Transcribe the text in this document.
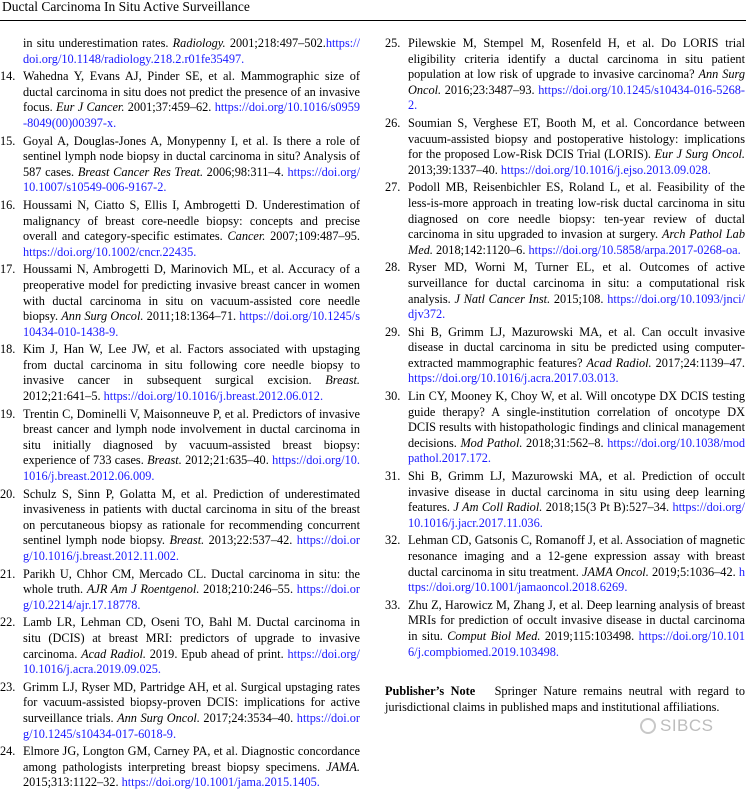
Ductal Carcinoma In Situ Active Surveillance
in situ underestimation rates. Radiology. 2001;218:497–502.https://doi.org/10.1148/radiology.218.2.r01fe35497.
14. Wahedna Y, Evans AJ, Pinder SE, et al. Mammographic size of ductal carcinoma in situ does not predict the presence of an invasive focus. Eur J Cancer. 2001;37:459–62. https://doi.org/10.1016/s0959-8049(00)00397-x.
15. Goyal A, Douglas-Jones A, Monypenny I, et al. Is there a role of sentinel lymph node biopsy in ductal carcinoma in situ? Analysis of 587 cases. Breast Cancer Res Treat. 2006;98:311–4. https://doi.org/10.1007/s10549-006-9167-2.
16. Houssami N, Ciatto S, Ellis I, Ambrogetti D. Underestimation of malignancy of breast core-needle biopsy: concepts and precise overall and category-specific estimates. Cancer. 2007;109:487–95. https://doi.org/10.1002/cncr.22435.
17. Houssami N, Ambrogetti D, Marinovich ML, et al. Accuracy of a preoperative model for predicting invasive breast cancer in women with ductal carcinoma in situ on vacuum-assisted core needle biopsy. Ann Surg Oncol. 2011;18:1364–71. https://doi.org/10.1245/s10434-010-1438-9.
18. Kim J, Han W, Lee JW, et al. Factors associated with upstaging from ductal carcinoma in situ following core needle biopsy to invasive cancer in subsequent surgical excision. Breast. 2012;21:641–5. https://doi.org/10.1016/j.breast.2012.06.012.
19. Trentin C, Dominelli V, Maisonneuve P, et al. Predictors of invasive breast cancer and lymph node involvement in ductal carcinoma in situ initially diagnosed by vacuum-assisted breast biopsy: experience of 733 cases. Breast. 2012;21:635–40. https://doi.org/10.1016/j.breast.2012.06.009.
20. Schulz S, Sinn P, Golatta M, et al. Prediction of underestimated invasiveness in patients with ductal carcinoma in situ of the breast on percutaneous biopsy as rationale for recommending concurrent sentinel lymph node biopsy. Breast. 2013;22:537–42. https://doi.org/10.1016/j.breast.2012.11.002.
21. Parikh U, Chhor CM, Mercado CL. Ductal carcinoma in situ: the whole truth. AJR Am J Roentgenol. 2018;210:246–55. https://doi.org/10.2214/ajr.17.18778.
22. Lamb LR, Lehman CD, Oseni TO, Bahl M. Ductal carcinoma in situ (DCIS) at breast MRI: predictors of upgrade to invasive carcinoma. Acad Radiol. 2019. Epub ahead of print. https://doi.org/10.1016/j.acra.2019.09.025.
23. Grimm LJ, Ryser MD, Partridge AH, et al. Surgical upstaging rates for vacuum-assisted biopsy-proven DCIS: implications for active surveillance trials. Ann Surg Oncol. 2017;24:3534–40. https://doi.org/10.1245/s10434-017-6018-9.
24. Elmore JG, Longton GM, Carney PA, et al. Diagnostic concordance among pathologists interpreting breast biopsy specimens. JAMA. 2015;313:1122–32. https://doi.org/10.1001/jama.2015.1405.
25. Pilewskie M, Stempel M, Rosenfeld H, et al. Do LORIS trial eligibility criteria identify a ductal carcinoma in situ patient population at low risk of upgrade to invasive carcinoma? Ann Surg Oncol. 2016;23:3487–93. https://doi.org/10.1245/s10434-016-5268-2.
26. Soumian S, Verghese ET, Booth M, et al. Concordance between vacuum-assisted biopsy and postoperative histology: implications for the proposed Low-Risk DCIS Trial (LORIS). Eur J Surg Oncol. 2013;39:1337–40. https://doi.org/10.1016/j.ejso.2013.09.028.
27. Podoll MB, Reisenbichler ES, Roland L, et al. Feasibility of the less-is-more approach in treating low-risk ductal carcinoma in situ diagnosed on core needle biopsy: ten-year review of ductal carcinoma in situ upgraded to invasion at surgery. Arch Pathol Lab Med. 2018;142:1120–6. https://doi.org/10.5858/arpa.2017-0268-oa.
28. Ryser MD, Worni M, Turner EL, et al. Outcomes of active surveillance for ductal carcinoma in situ: a computational risk analysis. J Natl Cancer Inst. 2015;108. https://doi.org/10.1093/jnci/djv372.
29. Shi B, Grimm LJ, Mazurowski MA, et al. Can occult invasive disease in ductal carcinoma in situ be predicted using computer-extracted mammographic features? Acad Radiol. 2017;24:1139–47. https://doi.org/10.1016/j.acra.2017.03.013.
30. Lin CY, Mooney K, Choy W, et al. Will oncotype DX DCIS testing guide therapy? A single-institution correlation of oncotype DX DCIS results with histopathologic findings and clinical management decisions. Mod Pathol. 2018;31:562–8. https://doi.org/10.1038/modpathol.2017.172.
31. Shi B, Grimm LJ, Mazurowski MA, et al. Prediction of occult invasive disease in ductal carcinoma in situ using deep learning features. J Am Coll Radiol. 2018;15(3 Pt B):527–34. https://doi.org/10.1016/j.jacr.2017.11.036.
32. Lehman CD, Gatsonis C, Romanoff J, et al. Association of magnetic resonance imaging and a 12-gene expression assay with breast ductal carcinoma in situ treatment. JAMA Oncol. 2019;5:1036–42. https://doi.org/10.1001/jamaoncol.2018.6269.
33. Zhu Z, Harowicz M, Zhang J, et al. Deep learning analysis of breast MRIs for prediction of occult invasive disease in ductal carcinoma in situ. Comput Biol Med. 2019;115:103498. https://doi.org/10.1016/j.compbiomed.2019.103498.
Publisher’s Note Springer Nature remains neutral with regard to jurisdictional claims in published maps and institutional affiliations.
SIBCS
